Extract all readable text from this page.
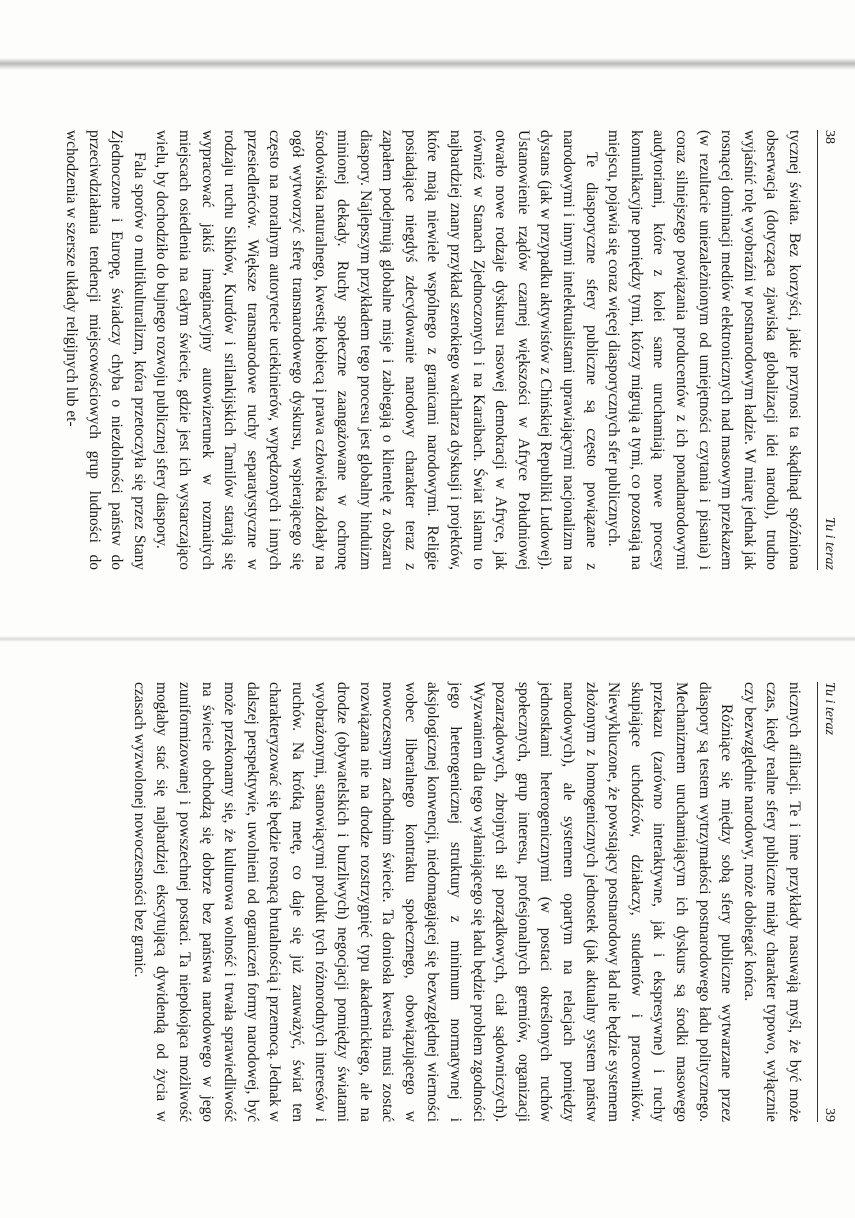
38
Tu i teraz

tycznej świata. Bez korzyści, jakie przynosi ta skądinąd spóźniona obserwacja (dotycząca zjawiska globalizacji idei narodu), trudno wyjaśnić rolę wyobraźni w postnarodowym ładzie. W miarę jednak jak rosnącej dominacji mediów elektronicznych nad masowym przekazem (w rezultacie uniezależnionym od umiejętności czytania i pisania) i coraz silniejszego powiązania producentów z ich ponadnarodowymi audytoriami, które z kolei same uruchamiają nowe procesy komunikacyjne pomiędzy tymi, którzy migrują a tymi, co pozostają na miejscu, pojawia się coraz więcej diasporycznych sfer publicznych.

Te diasporyczne sfery publiczne są często powiązane z narodowymi i innymi intelektualistami uprawiającymi nacjonalizm na dystans (jak w przypadku aktywistów z Chińskiej Republiki Ludowej). Ustanowienie rządów czarnej większości w Afryce Południowej otwarło nowe rodzaje dyskursu rasowej demokracji w Afryce, jak również w Stanach Zjednoczonych i na Karaibach. Świat islamu to najbardziej znany przykład szerokiego wachlarza dyskusji i projektów, które mają niewiele wspólnego z granicami narodowymi. Religie posiadające niegdyś zdecydowanie narodowy charakter teraz z zapałem podejmują globalne misje i zabiegają o klientelę z obszaru diaspory. Najlepszym przykładem tego procesu jest globalny hinduizm minionej dekady. Ruchy społeczne zaangażowane w ochronę środowiska naturalnego, kwestię kobiecą i prawa człowieka zdołały na ogół wytworzyć sferę transnarodowego dyskursu, wspierającego się często na moralnym autorytecie uciekinierów, wypędzonych i innych przesiedleńców. Większe transnarodowe ruchy separatystyczne w rodzaju ruchu Sikhów, Kurdów i srilankijskich Tamilów starają się wypracować jakiś imaginacyjny autowizerunek w rozmaitych miejscach osiedlenia na całym świecie, gdzie jest ich wystarczająco wielu, by dochodziło do bujnego rozwoju publicznej sfery diaspory.

Fala sporów o multikulturalizm, która przetoczyła się przez Stany Zjednoczone i Europę, świadczy chyba o niezdolności państw do przeciwdziałania tendencji miejscowościowych grup ludności do wchodzenia w szersze układy religijnych lub et-

Tu i teraz
39

nicznych afiliacji. Te i inne przykłady nasuwają myśl, że być może czas, kiedy realne sfery publiczne miały charakter typowo, wyłącznie czy bezwzględnie narodowy, może dobiegać końca.

Różniące się między sobą sfery publiczne wytwarzane przez diaspory są testem wytrzymałości postnarodowego ładu politycznego. Mechanizmem uruchamiającym ich dyskurs są środki masowego przekazu (zarówno interaktywne, jak i ekspresywne) i ruchy skupiające uchodźców, działaczy, studentów i pracowników. Niewykluczone, że powstający postnarodowy ład nie będzie systemem złożonym z homogenicznych jednostek (jak aktualny system państw narodowych), ale systemem opartym na relacjach pomiędzy jednostkami heterogenicznymi (w postaci określonych ruchów społecznych, grup interesu, profesjonalnych gremiów, organizacji pozarządowych, zbrojnych sił porządkowych, ciał sądowniczych). Wyzwaniem dla tego wyłaniającego się ładu będzie problem zgodności jego heterogenicznej struktury z minimum normatywnej i aksjologicznej konwencji, niedomagającej się bezwzględnej wierności wobec liberalnego kontraktu społecznego, obowiązującego w nowoczesnym zachodnim świecie. Ta doniosła kwestia musi zostać rozwiązana nie na drodze rozstrzygnięć typu akademickiego, ale na drodze (obywatelskich i burzliwych) negocjacji pomiędzy światami wyobrażonymi, stanowiącymi produkt tych różnorodnych interesów i ruchów. Na krótką metę, co daje się już zauważyć, świat ten charakteryzować się będzie rosnącą brutalnością i przemocą. Jednak w dalszej perspektywie, uwolnieni od ograniczeń formy narodowej, być może przekonamy się, że kulturowa wolność i trwała sprawiedliwość na świecie obchodzą się dobrze bez państwa narodowego w jego zuniformizowanej i powszechnej postaci. Ta niepokojąca możliwość mogłaby stać się najbardziej ekscytującą dywidendą od życia w czasach wyzwolonej nowoczesności bez granic.
